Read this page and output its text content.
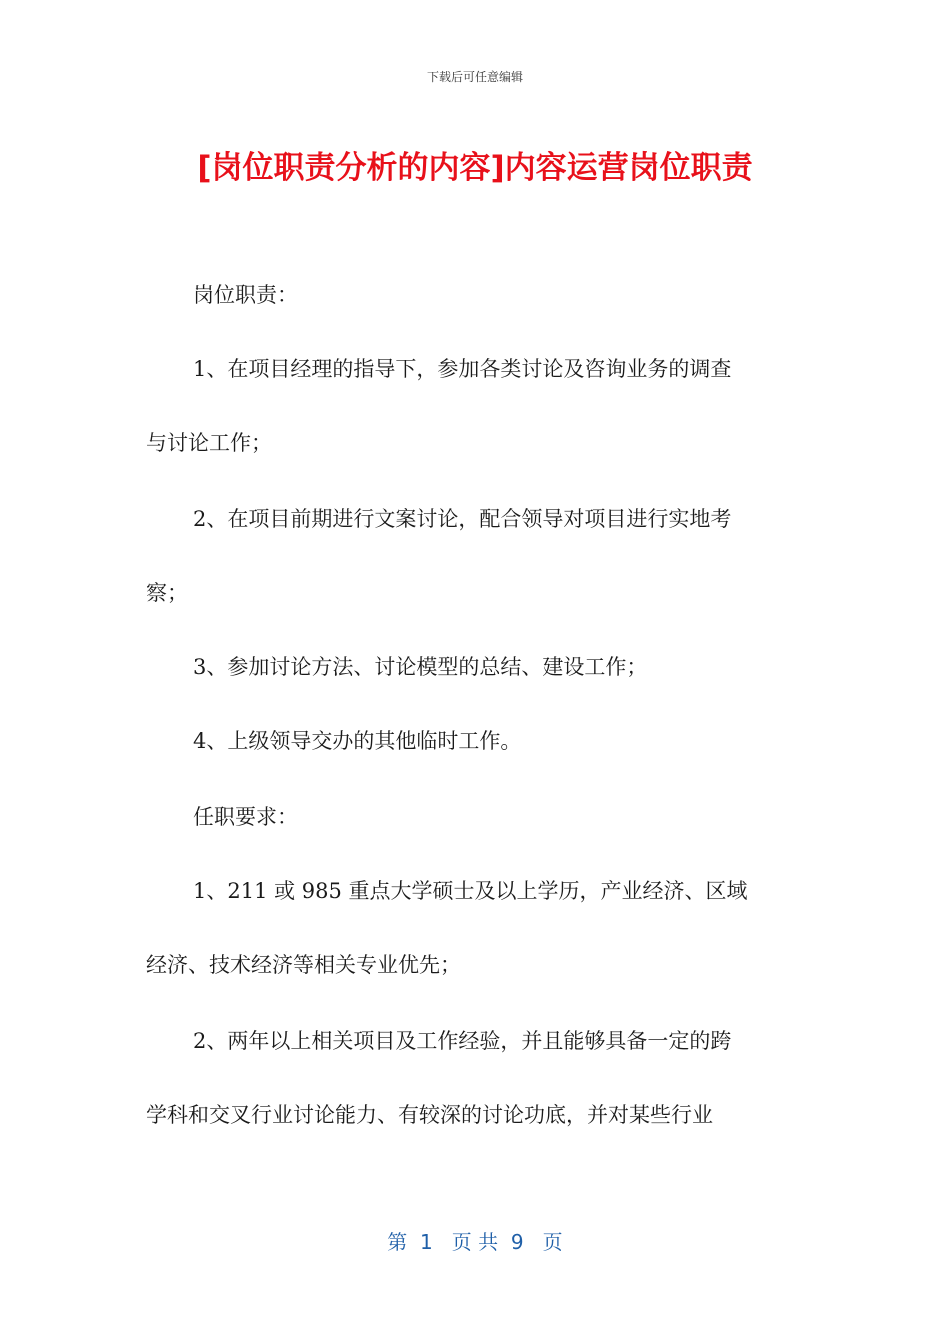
下载后可任意编辑
[岗位职责分析的内容]内容运营岗位职责
岗位职责：
1、在项目经理的指导下，参加各类讨论及咨询业务的调查
与讨论工作；
2、在项目前期进行文案讨论，配合领导对项目进行实地考
察；
3、参加讨论方法、讨论模型的总结、建设工作；
4、上级领导交办的其他临时工作。
任职要求：
1、211 或 985 重点大学硕士及以上学历，产业经济、区域
经济、技术经济等相关专业优先；
2、两年以上相关项目及工作经验，并且能够具备一定的跨
学科和交叉行业讨论能力、有较深的讨论功底，并对某些行业
第  1   页 共  9   页
